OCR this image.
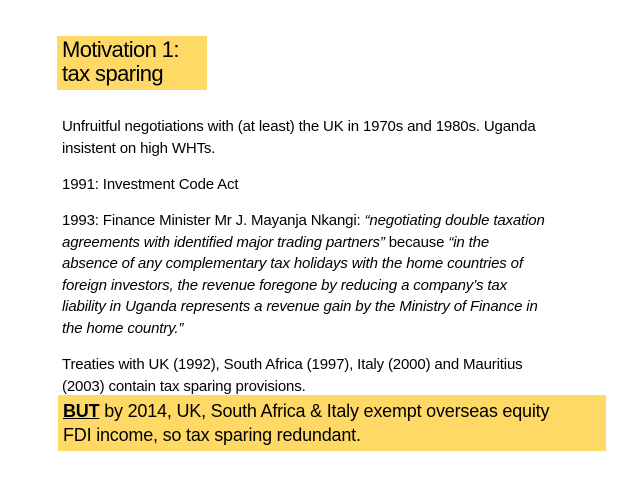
Motivation 1:
tax sparing
Unfruitful negotiations with (at least) the UK in 1970s and 1980s. Uganda
insistent on high WHTs.
1991: Investment Code Act
1993: Finance Minister Mr J. Mayanja Nkangi: “negotiating double taxation
agreements with identified major trading partners” because “in the
absence of any complementary tax holidays with the home countries of
foreign investors, the revenue foregone by reducing a company’s tax
liability in Uganda represents a revenue gain by the Ministry of Finance in
the home country.”
Treaties with UK (1992), South Africa (1997), Italy (2000) and Mauritius
(2003) contain tax sparing provisions.
BUT by 2014, UK, South Africa & Italy exempt overseas equity
FDI income, so tax sparing redundant.
